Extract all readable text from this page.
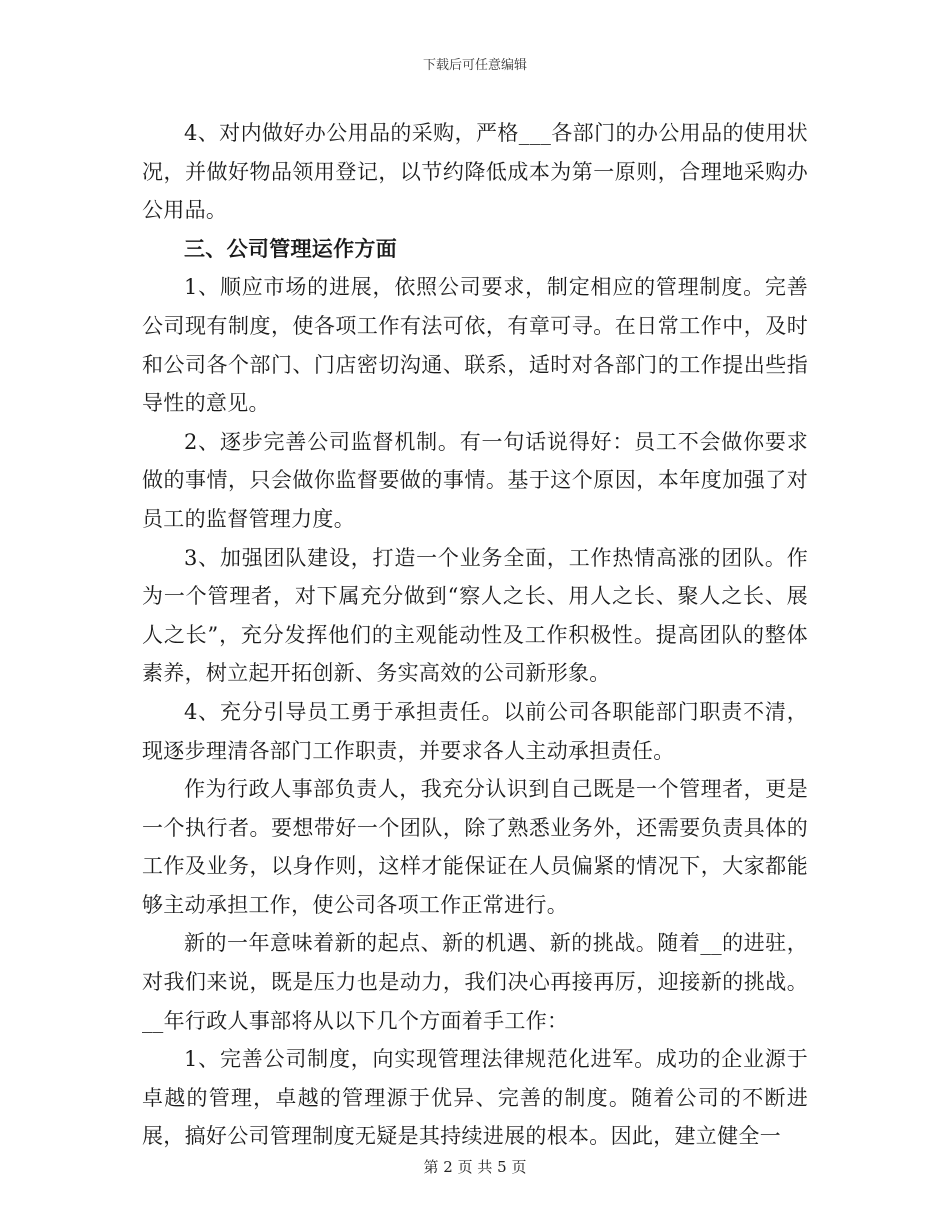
下载后可任意编辑

4、对内做好办公用品的采购，严格___各部门的办公用品的使用状况，并做好物品领用登记，以节约降低成本为第一原则，合理地采购办公用品。

三、公司管理运作方面

1、顺应市场的进展，依照公司要求，制定相应的管理制度。完善公司现有制度，使各项工作有法可依，有章可寻。在日常工作中，及时和公司各个部门、门店密切沟通、联系，适时对各部门的工作提出些指导性的意见。

2、逐步完善公司监督机制。有一句话说得好：员工不会做你要求做的事情，只会做你监督要做的事情。基于这个原因，本年度加强了对员工的监督管理力度。

3、加强团队建设，打造一个业务全面，工作热情高涨的团队。作为一个管理者，对下属充分做到“察人之长、用人之长、聚人之长、展人之长”，充分发挥他们的主观能动性及工作积极性。提高团队的整体素养，树立起开拓创新、务实高效的公司新形象。

4、充分引导员工勇于承担责任。以前公司各职能部门职责不清，现逐步理清各部门工作职责，并要求各人主动承担责任。

作为行政人事部负责人，我充分认识到自己既是一个管理者，更是一个执行者。要想带好一个团队，除了熟悉业务外，还需要负责具体的工作及业务，以身作则，这样才能保证在人员偏紧的情况下，大家都能够主动承担工作，使公司各项工作正常进行。

新的一年意味着新的起点、新的机遇、新的挑战。随着__的进驻，对我们来说，既是压力也是动力，我们决心再接再厉，迎接新的挑战。__年行政人事部将从以下几个方面着手工作：

1、完善公司制度，向实现管理法律规范化进军。成功的企业源于卓越的管理，卓越的管理源于优异、完善的制度。随着公司的不断进展，搞好公司管理制度无疑是其持续进展的根本。因此，建立健全一

第 2 页 共 5 页
